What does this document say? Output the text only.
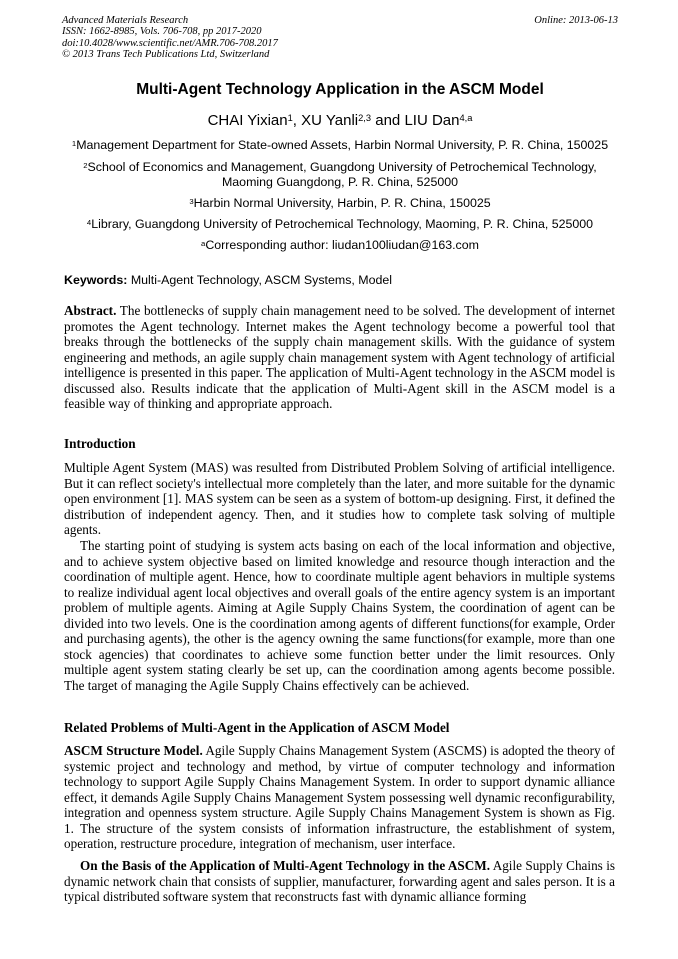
Advanced Materials Research
ISSN: 1662-8985, Vols. 706-708, pp 2017-2020
doi:10.4028/www.scientific.net/AMR.706-708.2017
© 2013 Trans Tech Publications Ltd, Switzerland
Online: 2013-06-13
Multi-Agent Technology Application in the ASCM Model
CHAI Yixian$^1$, XU Yanli$^{2,3}$ and LIU Dan$^{4,a}$
$^1$Management Department for State-owned Assets, Harbin Normal University, P. R. China, 150025
$^2$School of Economics and Management, Guangdong University of Petrochemical Technology,
Maoming Guangdong, P. R. China, 525000
$^3$Harbin Normal University, Harbin, P. R. China, 150025
$^4$Library, Guangdong University of Petrochemical Technology, Maoming, P. R. China, 525000
$^a$Corresponding author: liudan100liudan@163.com
Keywords: Multi-Agent Technology, ASCM Systems, Model
Abstract. The bottlenecks of supply chain management need to be solved. The development of internet promotes the Agent technology. Internet makes the Agent technology become a powerful tool that breaks through the bottlenecks of the supply chain management skills. With the guidance of system engineering and methods, an agile supply chain management system with Agent technology of artificial intelligence is presented in this paper. The application of Multi-Agent technology in the ASCM model is discussed also. Results indicate that the application of Multi-Agent skill in the ASCM model is a feasible way of thinking and appropriate approach.
Introduction
Multiple Agent System (MAS) was resulted from Distributed Problem Solving of artificial intelligence. But it can reflect society's intellectual more completely than the later, and more suitable for the dynamic open environment [1]. MAS system can be seen as a system of bottom-up designing. First, it defined the distribution of independent agency. Then, and it studies how to complete task solving of multiple agents.
The starting point of studying is system acts basing on each of the local information and objective, and to achieve system objective based on limited knowledge and resource though interaction and the coordination of multiple agent. Hence, how to coordinate multiple agent behaviors in multiple systems to realize individual agent local objectives and overall goals of the entire agency system is an important problem of multiple agents. Aiming at Agile Supply Chains System, the coordination of agent can be divided into two levels. One is the coordination among agents of different functions(for example, Order and purchasing agents), the other is the agency owning the same functions(for example, more than one stock agencies) that coordinates to achieve some function better under the limit resources. Only multiple agent system stating clearly be set up, can the coordination among agents become possible. The target of managing the Agile Supply Chains effectively can be achieved.
Related Problems of Multi-Agent in the Application of ASCM Model
ASCM Structure Model. Agile Supply Chains Management System (ASCMS) is adopted the theory of systemic project and technology and method, by virtue of computer technology and information technology to support Agile Supply Chains Management System. In order to support dynamic alliance effect, it demands Agile Supply Chains Management System possessing well dynamic reconfigurability, integration and openness system structure. Agile Supply Chains Management System is shown as Fig. 1. The structure of the system consists of information infrastructure, the establishment of system, operation, restructure procedure, integration of mechanism, user interface.
On the Basis of the Application of Multi-Agent Technology in the ASCM. Agile Supply Chains is dynamic network chain that consists of supplier, manufacturer, forwarding agent and sales person. It is a typical distributed software system that reconstructs fast with dynamic alliance forming
